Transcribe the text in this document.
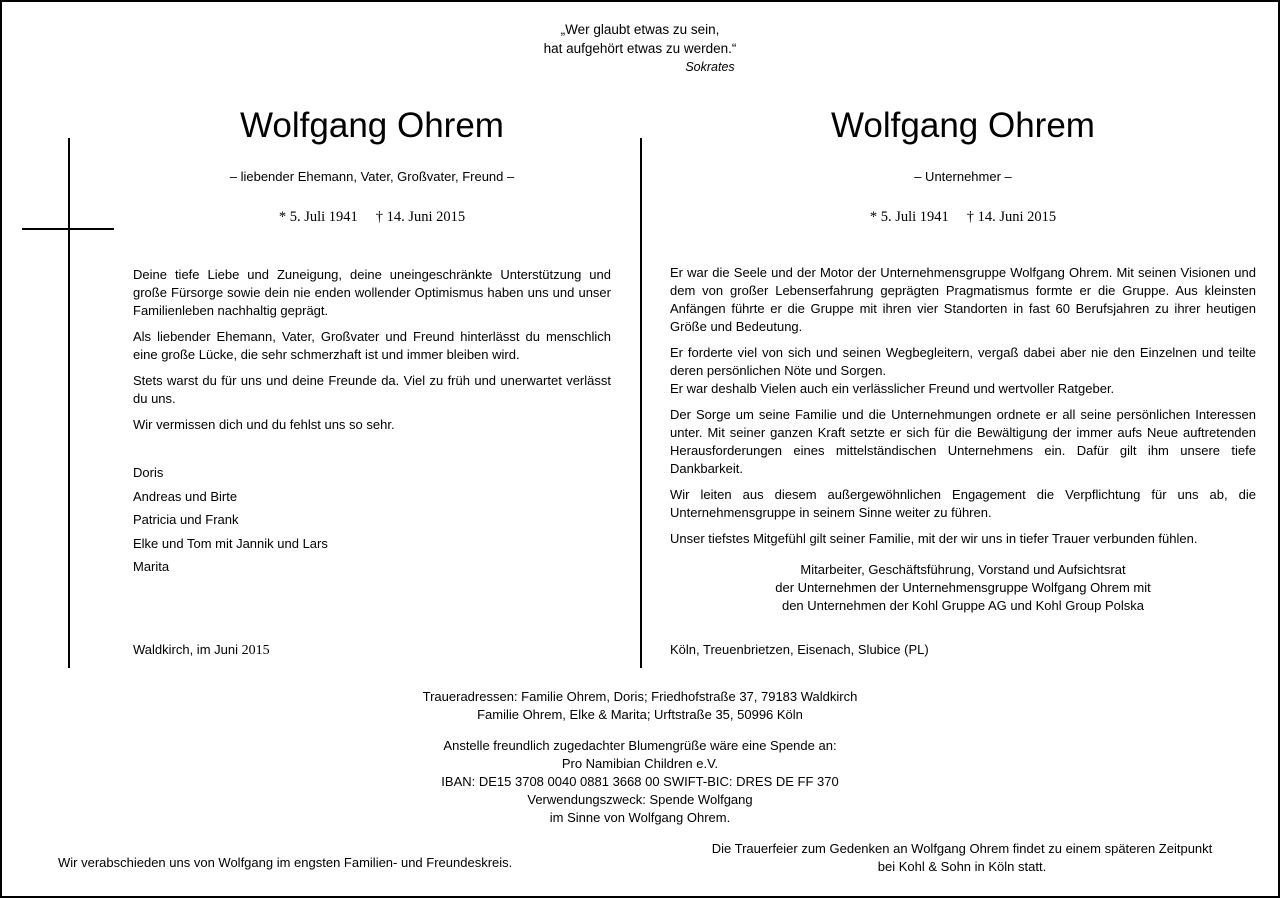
„Wer glaubt etwas zu sein,
hat aufgehört etwas zu werden.“
Sokrates
Wolfgang Ohrem
– liebender Ehemann, Vater, Großvater, Freund –
* 5. Juli 1941 † 14. Juni 2015

Deine tiefe Liebe und Zuneigung, deine uneingeschränkte Unterstützung und große Fürsorge sowie dein nie enden wollender Optimismus haben uns und unser Familienleben nachhaltig geprägt.

Als liebender Ehemann, Vater, Großvater und Freund hinterlässt du menschlich eine große Lücke, die sehr schmerzhaft ist und immer bleiben wird.

Stets warst du für uns und deine Freunde da. Viel zu früh und unerwartet verlässt du uns.

Wir vermissen dich und du fehlst uns so sehr.

Doris
Andreas und Birte
Patricia und Frank
Elke und Tom mit Jannik und Lars
Marita
Waldkirch, im Juni 2015
Wolfgang Ohrem
– Unternehmer –
* 5. Juli 1941 † 14. Juni 2015

Er war die Seele und der Motor der Unternehmensgruppe Wolfgang Ohrem. Mit seinen Visionen und dem von großer Lebenserfahrung geprägten Pragmatismus formte er die Gruppe. Aus kleinsten Anfängen führte er die Gruppe mit ihren vier Standorten in fast 60 Berufsjahren zu ihrer heutigen Größe und Bedeutung.

Er forderte viel von sich und seinen Wegbegleitern, vergaß dabei aber nie den Einzelnen und teilte deren persönlichen Nöte und Sorgen.

Er war deshalb Vielen auch ein verlässlicher Freund und wertvoller Ratgeber.

Der Sorge um seine Familie und die Unternehmungen ordnete er all seine persönlichen Interessen unter. Mit seiner ganzen Kraft setzte er sich für die Bewältigung der immer aufs Neue auftretenden Herausforderungen eines mittelständischen Unternehmens ein. Dafür gilt ihm unsere tiefe Dankbarkeit.

Wir leiten aus diesem außergewöhnlichen Engagement die Verpflichtung für uns ab, die Unternehmensgruppe in seinem Sinne weiter zu führen.

Unser tiefstes Mitgefühl gilt seiner Familie, mit der wir uns in tiefer Trauer verbunden fühlen.

Mitarbeiter, Geschäftsführung, Vorstand und Aufsichtsrat
der Unternehmen der Unternehmensgruppe Wolfgang Ohrem mit
den Unternehmen der Kohl Gruppe AG und Kohl Group Polska
Köln, Treuenbrietzen, Eisenach, Slubice (PL)
Traueradressen: Familie Ohrem, Doris; Friedhofstraße 37, 79183 Waldkirch
Familie Ohrem, Elke & Marita; Urftstraße 35, 50996 Köln
Anstelle freundlich zugedachter Blumengrüße wäre eine Spende an:
Pro Namibian Children e.V.
IBAN: DE15 3708 0040 0881 3668 00 SWIFT-BIC: DRES DE FF 370
Verwendungszweck: Spende Wolfgang
im Sinne von Wolfgang Ohrem.
Wir verabschieden uns von Wolfgang im engsten Familien- und Freundeskreis.
Die Trauerfeier zum Gedenken an Wolfgang Ohrem findet zu einem späteren Zeitpunkt
bei Kohl & Sohn in Köln statt.
